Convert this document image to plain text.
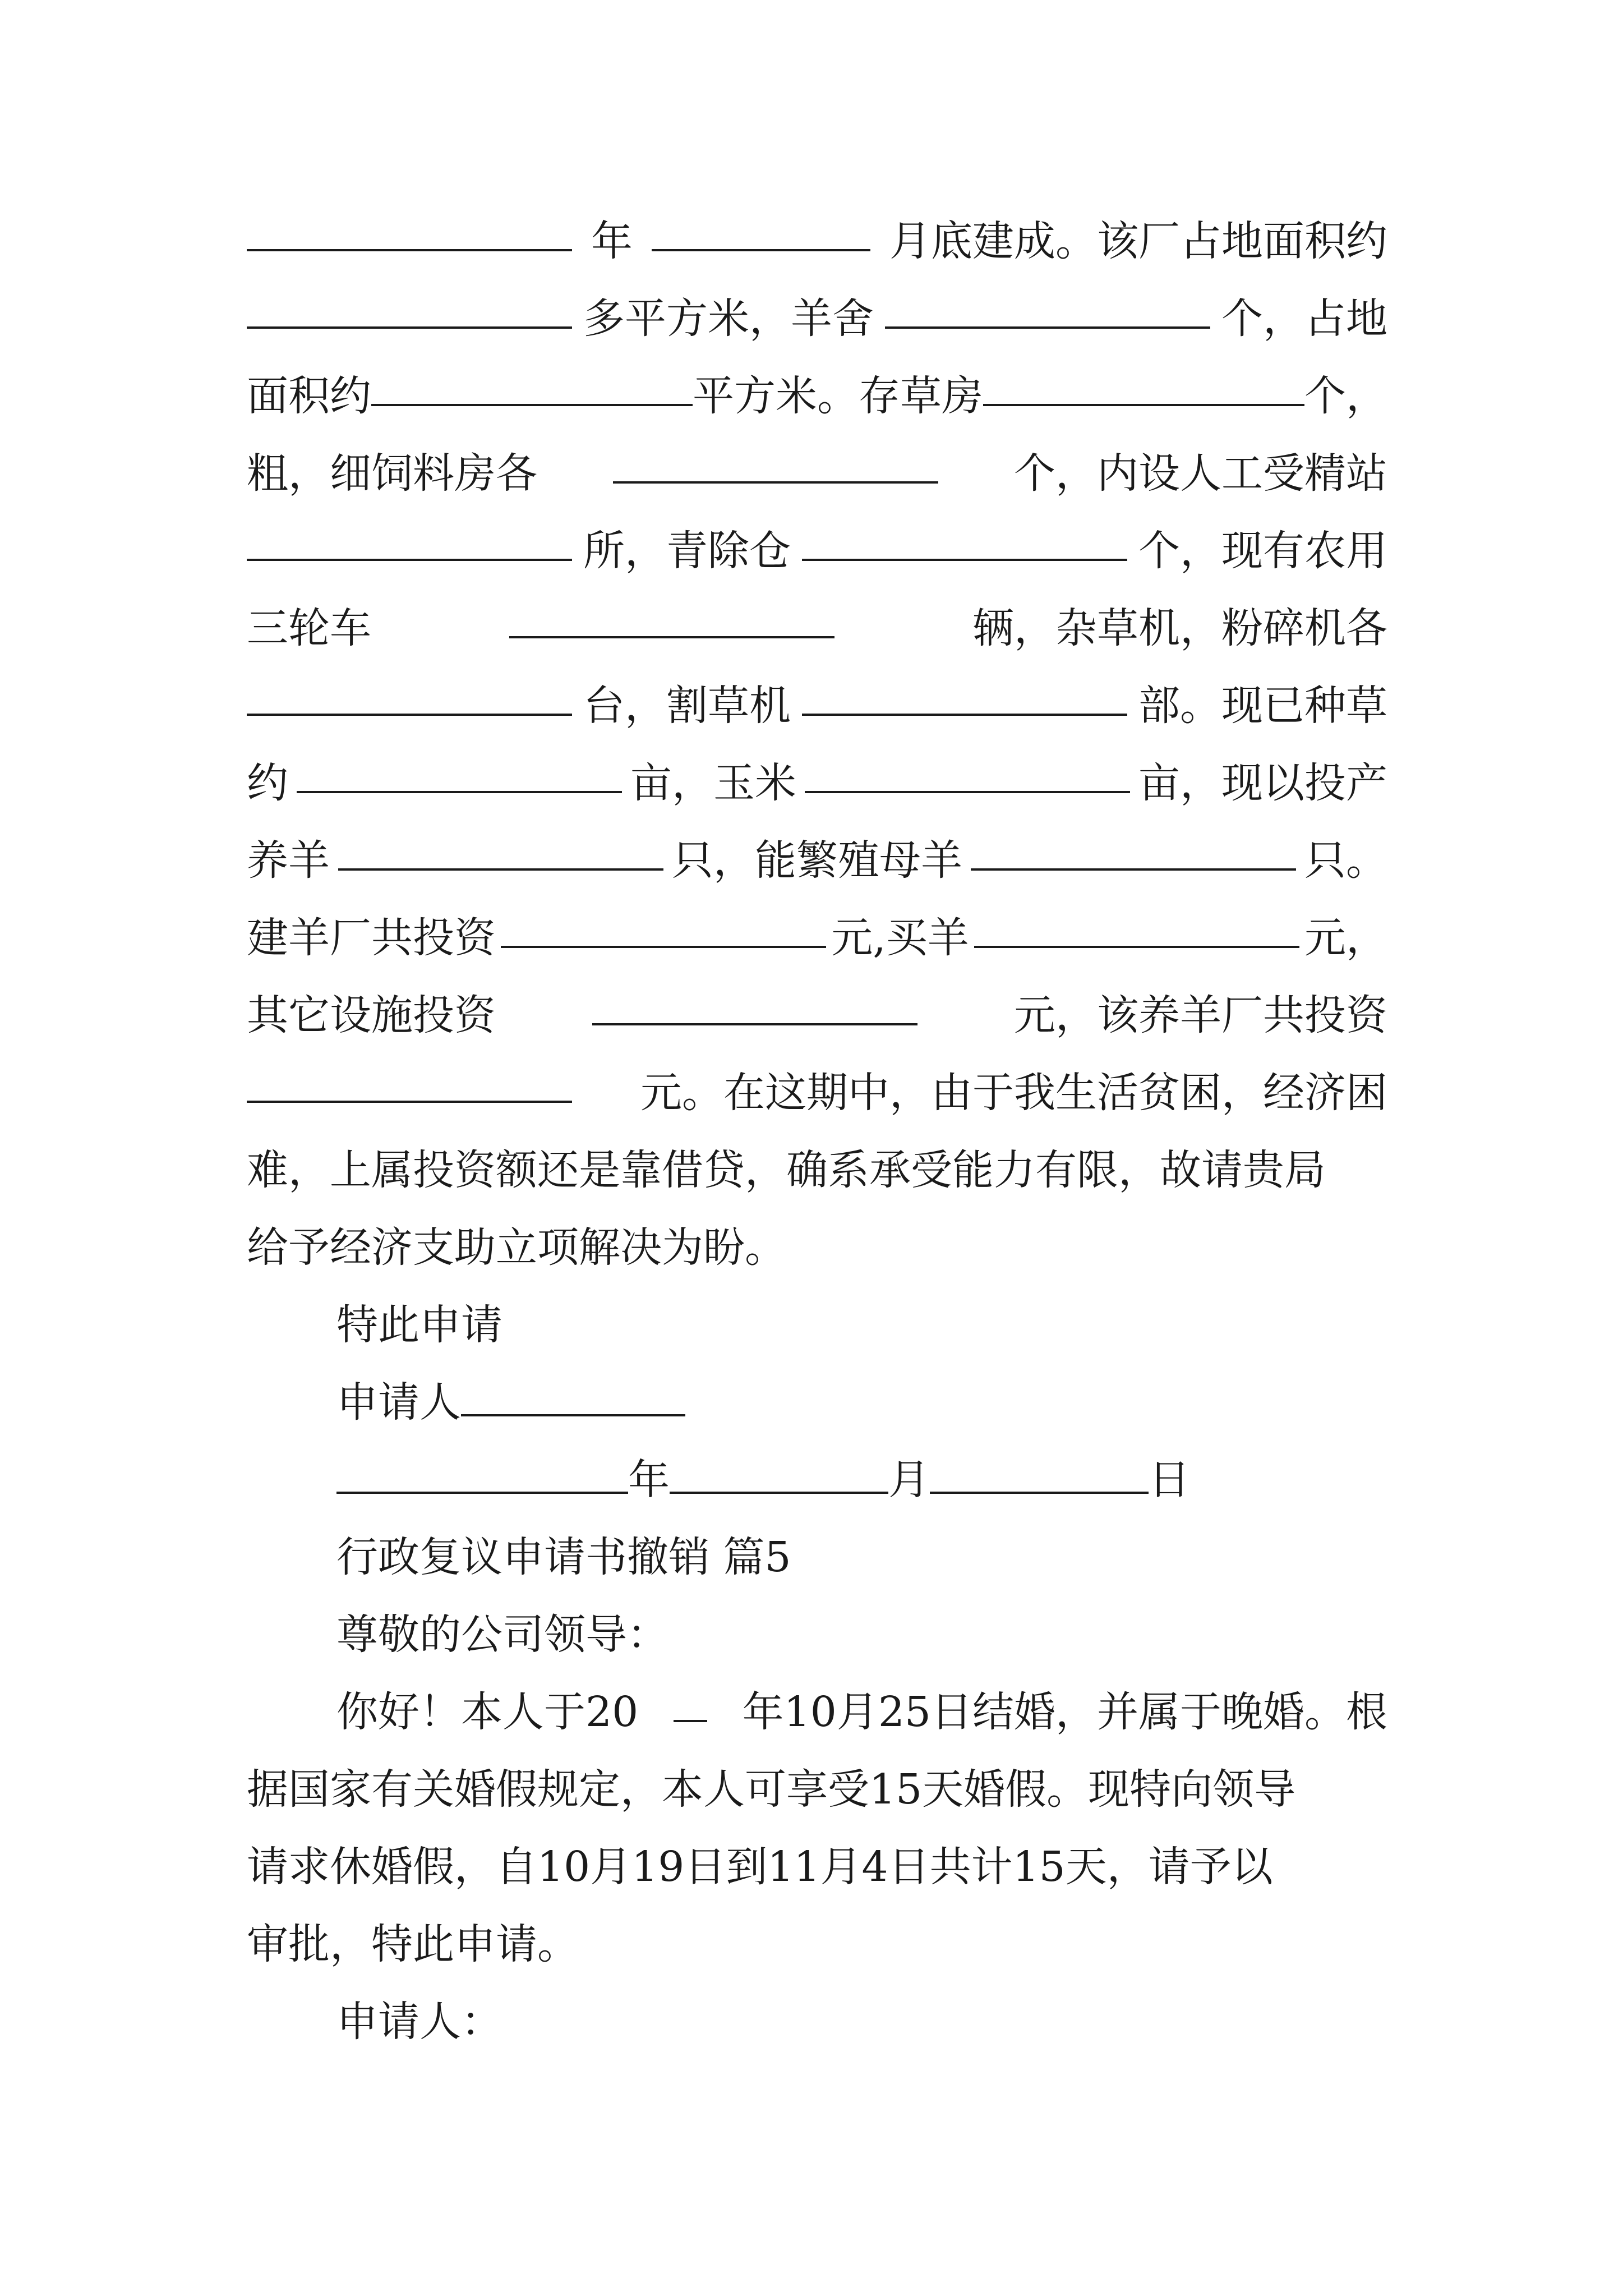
年	月底建成。该厂占地面积约
多平方米，羊舍	个，占地
面积约	平方米。存草房	个，
粗，细饲料房各	个，内设人工受精站
所，青除仓	个，现有农用
三轮车	辆，杂草机，粉碎机各
台，割草机	部。现已种草
约	亩，玉米	亩，现以投产
养羊	只，能繁殖母羊	只。
建羊厂共投资	元,买羊	元，
其它设施投资	元，该养羊厂共投资
元。在这期中，由于我生活贫困，经济困
难，上属投资额还是靠借贷，确系承受能力有限，故请贵局
给予经济支助立项解决为盼。
特此申请
申请人
年	月	日
行政复议申请书撤销 篇5
尊敬的公司领导：
你好！本人于20	年10月25日结婚，并属于晚婚。根
据国家有关婚假规定，本人可享受15天婚假。现特向领导
请求休婚假，自10月19日到11月4日共计15天，请予以
审批，特此申请。
申请人：
